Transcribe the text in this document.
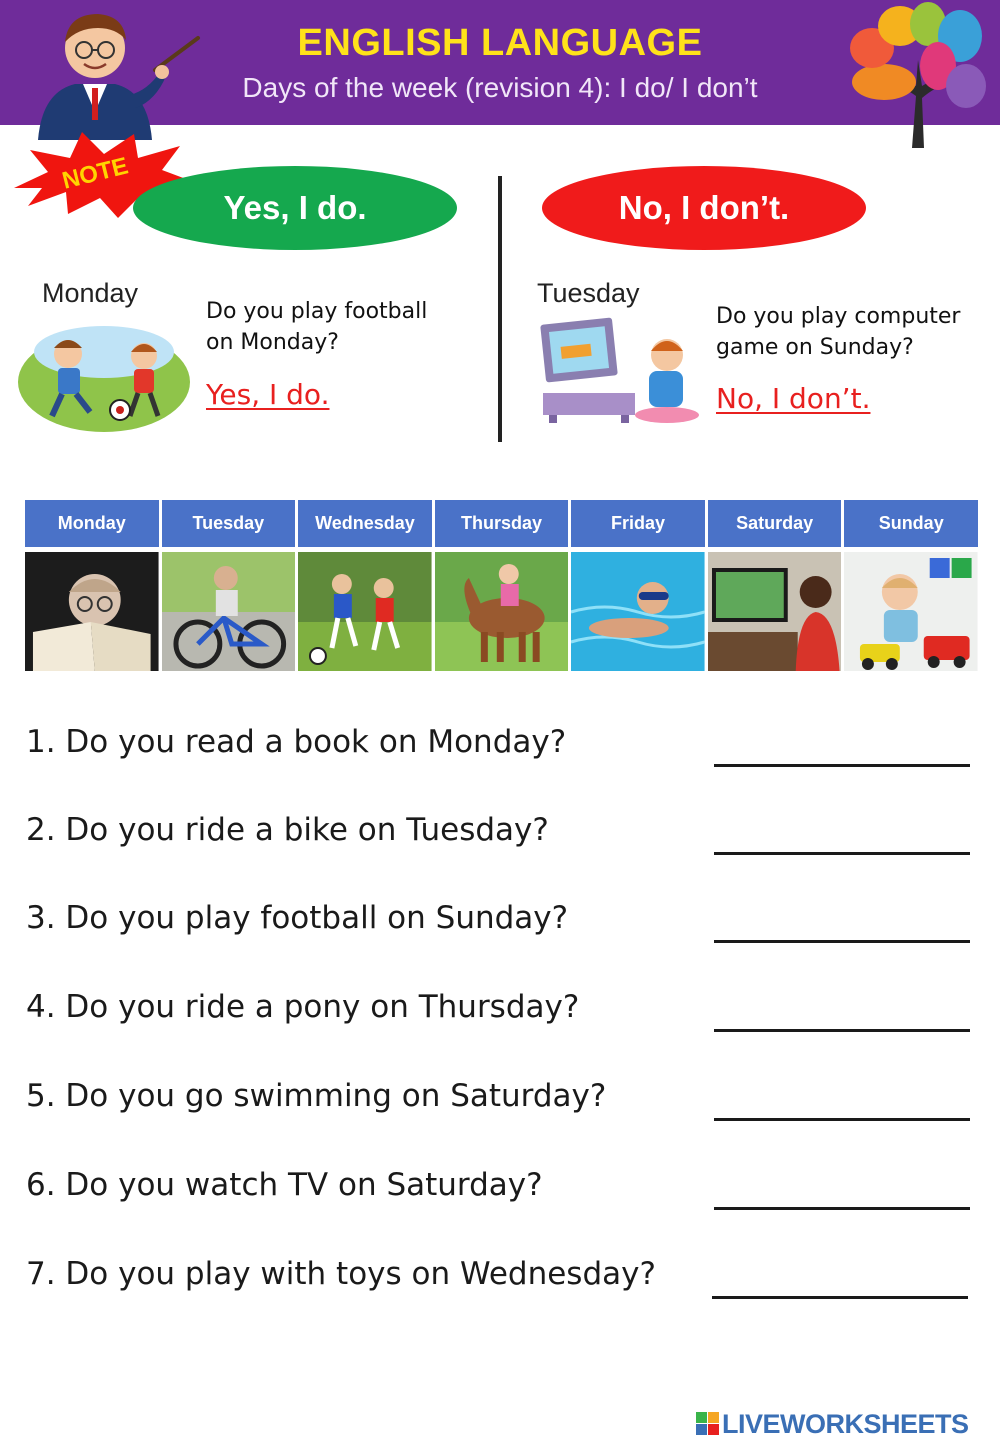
ENGLISH LANGUAGE
Days of the week (revision 4): I do/ I don’t
NOTE
Yes, I do.	No, I don’t.
Monday
Do you play football
on Monday?
Yes, I do.
Tuesday
Do you play computer
game on Sunday?
No, I don’t.
Monday	Tuesday	Wednesday	Thursday	Friday	Saturday	Sunday
1. Do you read a book on Monday?
2. Do you ride a bike on Tuesday?
3. Do you play football on Sunday?
4. Do you ride a pony on Thursday?
5. Do you go swimming on Saturday?
6. Do you watch TV on Saturday?
7. Do you play with toys on Wednesday?
LIVEWORKSHEETS
